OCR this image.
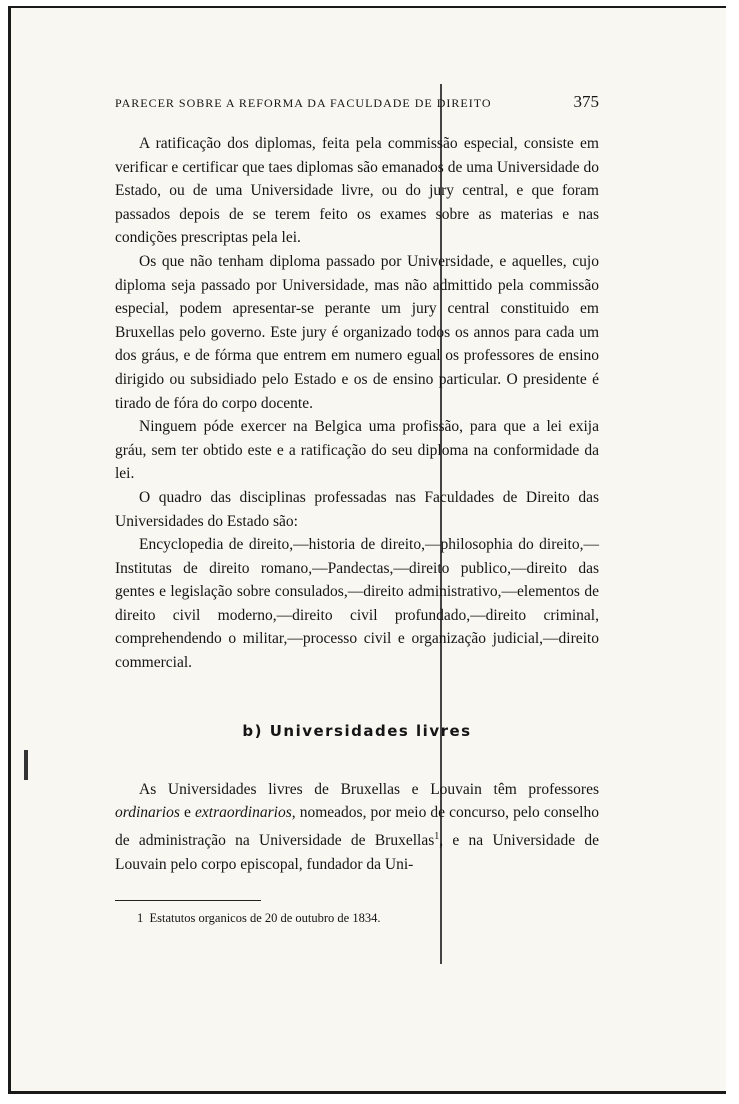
PARECER SOBRE A REFORMA DA FACULDADE DE DIREITO	375

A ratificação dos diplomas, feita pela commissão especial, consiste em verificar e certificar que taes diplomas são emanados de uma Universidade do Estado, ou de uma Universidade livre, ou do jury central, e que foram passados depois de se terem feito os exames sobre as materias e nas condições prescriptas pela lei.

Os que não tenham diploma passado por Universidade, e aquelles, cujo diploma seja passado por Universidade, mas não admittido pela commissão especial, podem apresentar-se perante um jury central constituido em Bruxellas pelo governo. Este jury é organizado todos os annos para cada um dos gráus, e de fórma que entrem em numero egual os professores de ensino dirigido ou subsidiado pelo Estado e os de ensino particular. O presidente é tirado de fóra do corpo docente.

Ninguem póde exercer na Belgica uma profissão, para que a lei exija gráu, sem ter obtido este e a ratificação do seu diploma na conformidade da lei.

O quadro das disciplinas professadas nas Faculdades de Direito das Universidades do Estado são:

Encyclopedia de direito,—historia de direito,—philosophia do direito,—Institutas de direito romano,—Pandectas,—direito publico,—direito das gentes e legislação sobre consulados,—direito administrativo,—elementos de direito civil moderno,—direito civil profundado,—direito criminal, comprehendendo o militar,—processo civil e organização judicial,—direito commercial.

b) Universidades livres

As Universidades livres de Bruxellas e Louvain têm professores ordinarios e extraordinarios, nomeados, por meio de concurso, pelo conselho de administração na Universidade de Bruxellas$^1$, e na Universidade de Louvain pelo corpo episcopal, fundador da Uni-

1 Estatutos organicos de 20 de outubro de 1834.
